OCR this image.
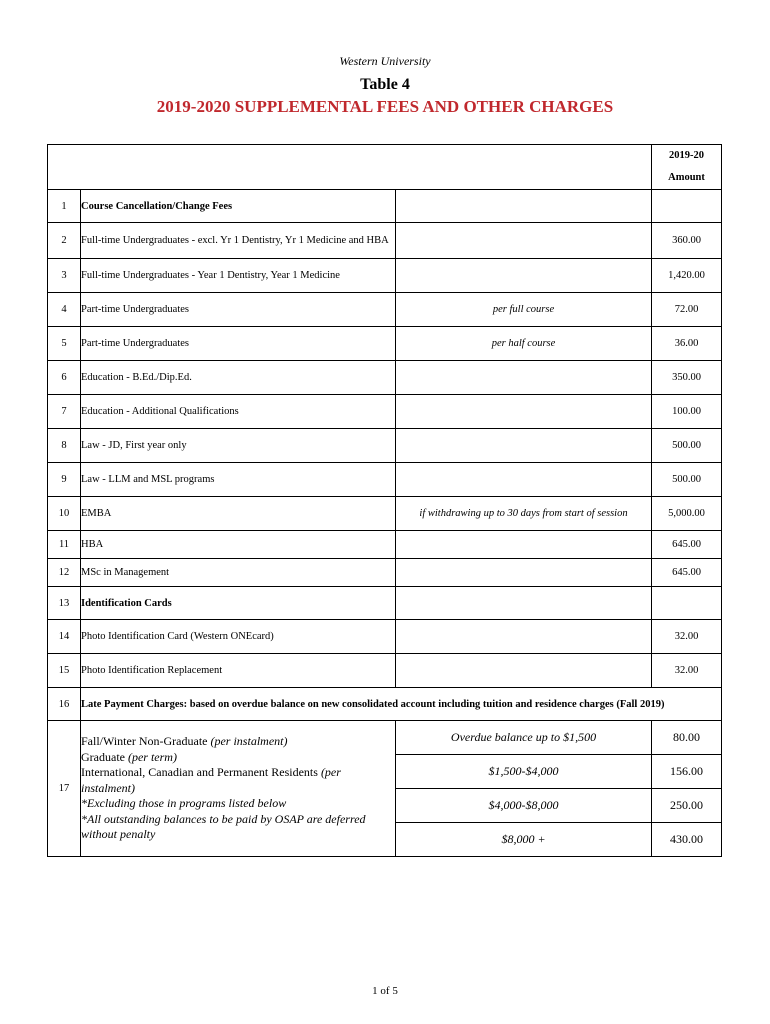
Western University
Table 4
2019-2020 SUPPLEMENTAL FEES AND OTHER CHARGES

			2019-20
Amount

1	Course Cancellation/Change Fees		
2	Full-time Undergraduates - excl. Yr 1 Dentistry, Yr 1 Medicine and HBA		360.00
3	Full-time Undergraduates - Year 1 Dentistry, Year 1 Medicine		1,420.00
4	Part-time Undergraduates	per full course	72.00
5	Part-time Undergraduates	per half course	36.00
6	Education - B.Ed./Dip.Ed.		350.00
7	Education - Additional Qualifications		100.00
8	Law - JD, First year only		500.00
9	Law - LLM and MSL programs		500.00
10	EMBA	if withdrawing up to 30 days from start of session	5,000.00
11	HBA		645.00
12	MSc in Management		645.00
13	Identification Cards		
14	Photo Identification Card (Western ONEcard)		32.00
15	Photo Identification Replacement		32.00
16	Late Payment Charges: based on overdue balance on new consolidated account including tuition and residence charges (Fall 2019)		
17	Fall/Winter Non-Graduate (per instalment)
Graduate (per term)
International, Canadian and Permanent Residents (per instalment)
*Excluding those in programs listed below
*All outstanding balances to be paid by OSAP are deferred without penalty	Overdue balance up to $1,500	80.00
		$1,500-$4,000	156.00
		$4,000-$8,000	250.00
		$8,000 +	430.00
1 of 5
